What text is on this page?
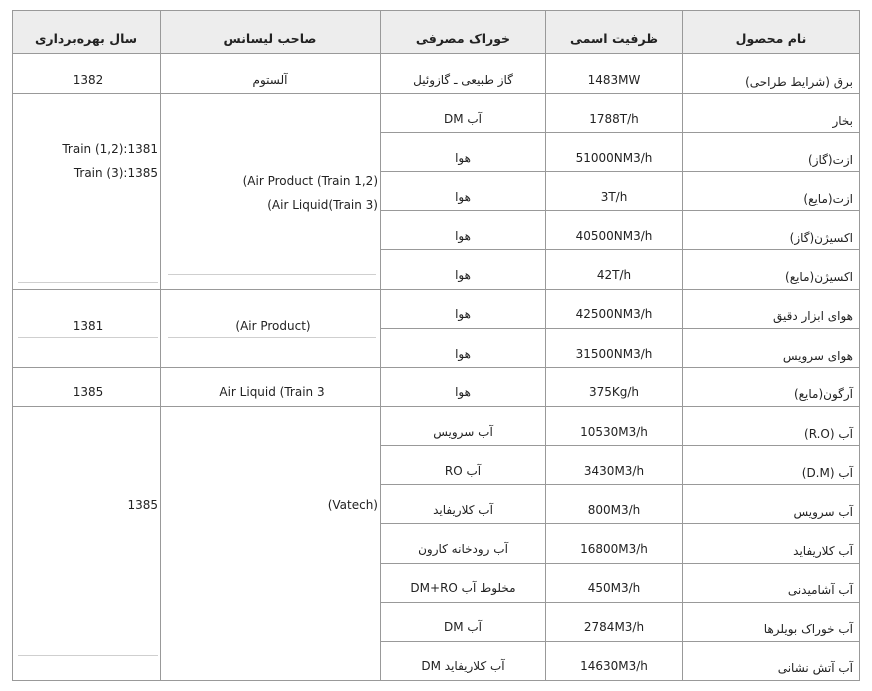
نام محصول
ظرفیت اسمی
خوراک مصرفی
صاحب لیسانس
سال بهره‌برداری
برق (شرایط طراحی)
1483MW
گاز طبیعی ـ گازوئیل
بخار
1788T/h
آب DM
ازت(گاز)
51000NM3/h
هوا
ازت(مایع)
3T/h
هوا
اکسیژن(گاز)
40500NM3/h
هوا
اکسیژن(مایع)
42T/h
هوا
هوای ابزار دقیق
42500NM3/h
هوا
هوای سرویس
31500NM3/h
هوا
آرگون(مایع)
375Kg/h
هوا
آب (R.O)
10530M3/h
آب سرویس
آب (D.M)
3430M3/h
آب RO
آب سرویس
800M3/h
آب کلاریفاید
آب کلاریفاید
16800M3/h
آب رودخانه کارون
آب آشامیدنی
450M3/h
مخلوط آب DM+RO
آب خوراک بویلرها
2784M3/h
آب DM
آب آتش نشانی
14630M3/h
آب کلاریفاید DM
آلستوم
1382
(Air Product (Train 1,2)
(Air Liquid(Train 3)
Train (1,2):1381
Train (3):1385
(Air Product)
1381
Air Liquid (Train 3
1385
(Vatech)
1385
